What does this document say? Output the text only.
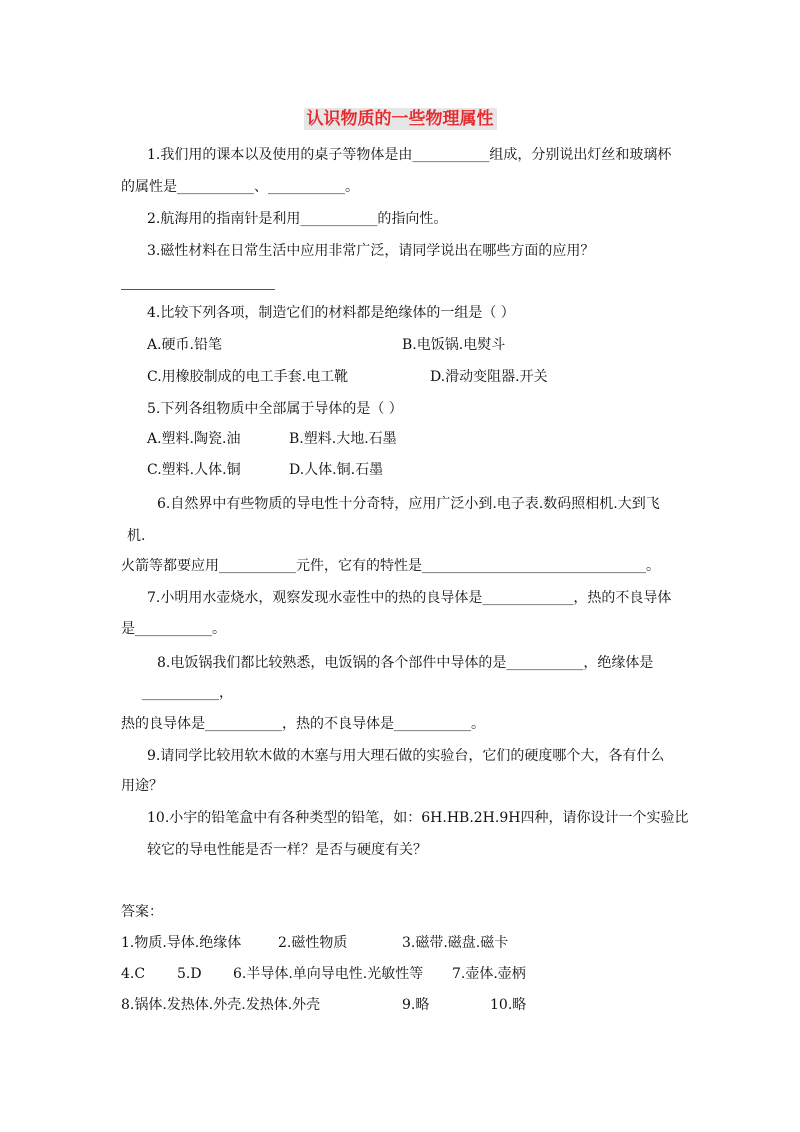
认识物质的一些物理属性
1.我们用的课本以及使用的桌子等物体是由___________组成，分别说出灯丝和玻璃杯
的属性是___________、___________。
2.航海用的指南针是利用___________的指向性。
3.磁性材料在日常生活中应用非常广泛，请同学说出在哪些方面的应用？
4.比较下列各项，制造它们的材料都是绝缘体的一组是（ ）
A.硬币.铅笔	B.电饭锅.电熨斗
C.用橡胶制成的电工手套.电工靴	D.滑动变阻器.开关
5.下列各组物质中全部属于导体的是（ ）
A.塑料.陶瓷.油	B.塑料.大地.石墨
C.塑料.人体.铜	D.人体.铜.石墨
6.自然界中有些物质的导电性十分奇特，应用广泛小到.电子表.数码照相机.大到飞
机.
火箭等都要应用___________元件，它有的特性是________________________________。
7.小明用水壶烧水，观察发现水壶性中的热的良导体是_____________，热的不良导体
是___________。
8.电饭锅我们都比较熟悉，电饭锅的各个部件中导体的是___________，绝缘体是
___________，
热的良导体是___________，热的不良导体是___________。
9.请同学比较用软木做的木塞与用大理石做的实验台，它们的硬度哪个大，各有什么
用途？
10.小宇的铅笔盒中有各种类型的铅笔，如：6H.HB.2H.9H四种，请你设计一个实验比
较它的导电性能是否一样？是否与硬度有关？
答案：
1.物质.导体.绝缘体	2.磁性物质	3.磁带.磁盘.磁卡
4.C 5.D 6.半导体.单向导电性.光敏性等 7.壶体.壶柄
8.锅体.发热体.外壳.发热体.外壳	9.略	10.略
